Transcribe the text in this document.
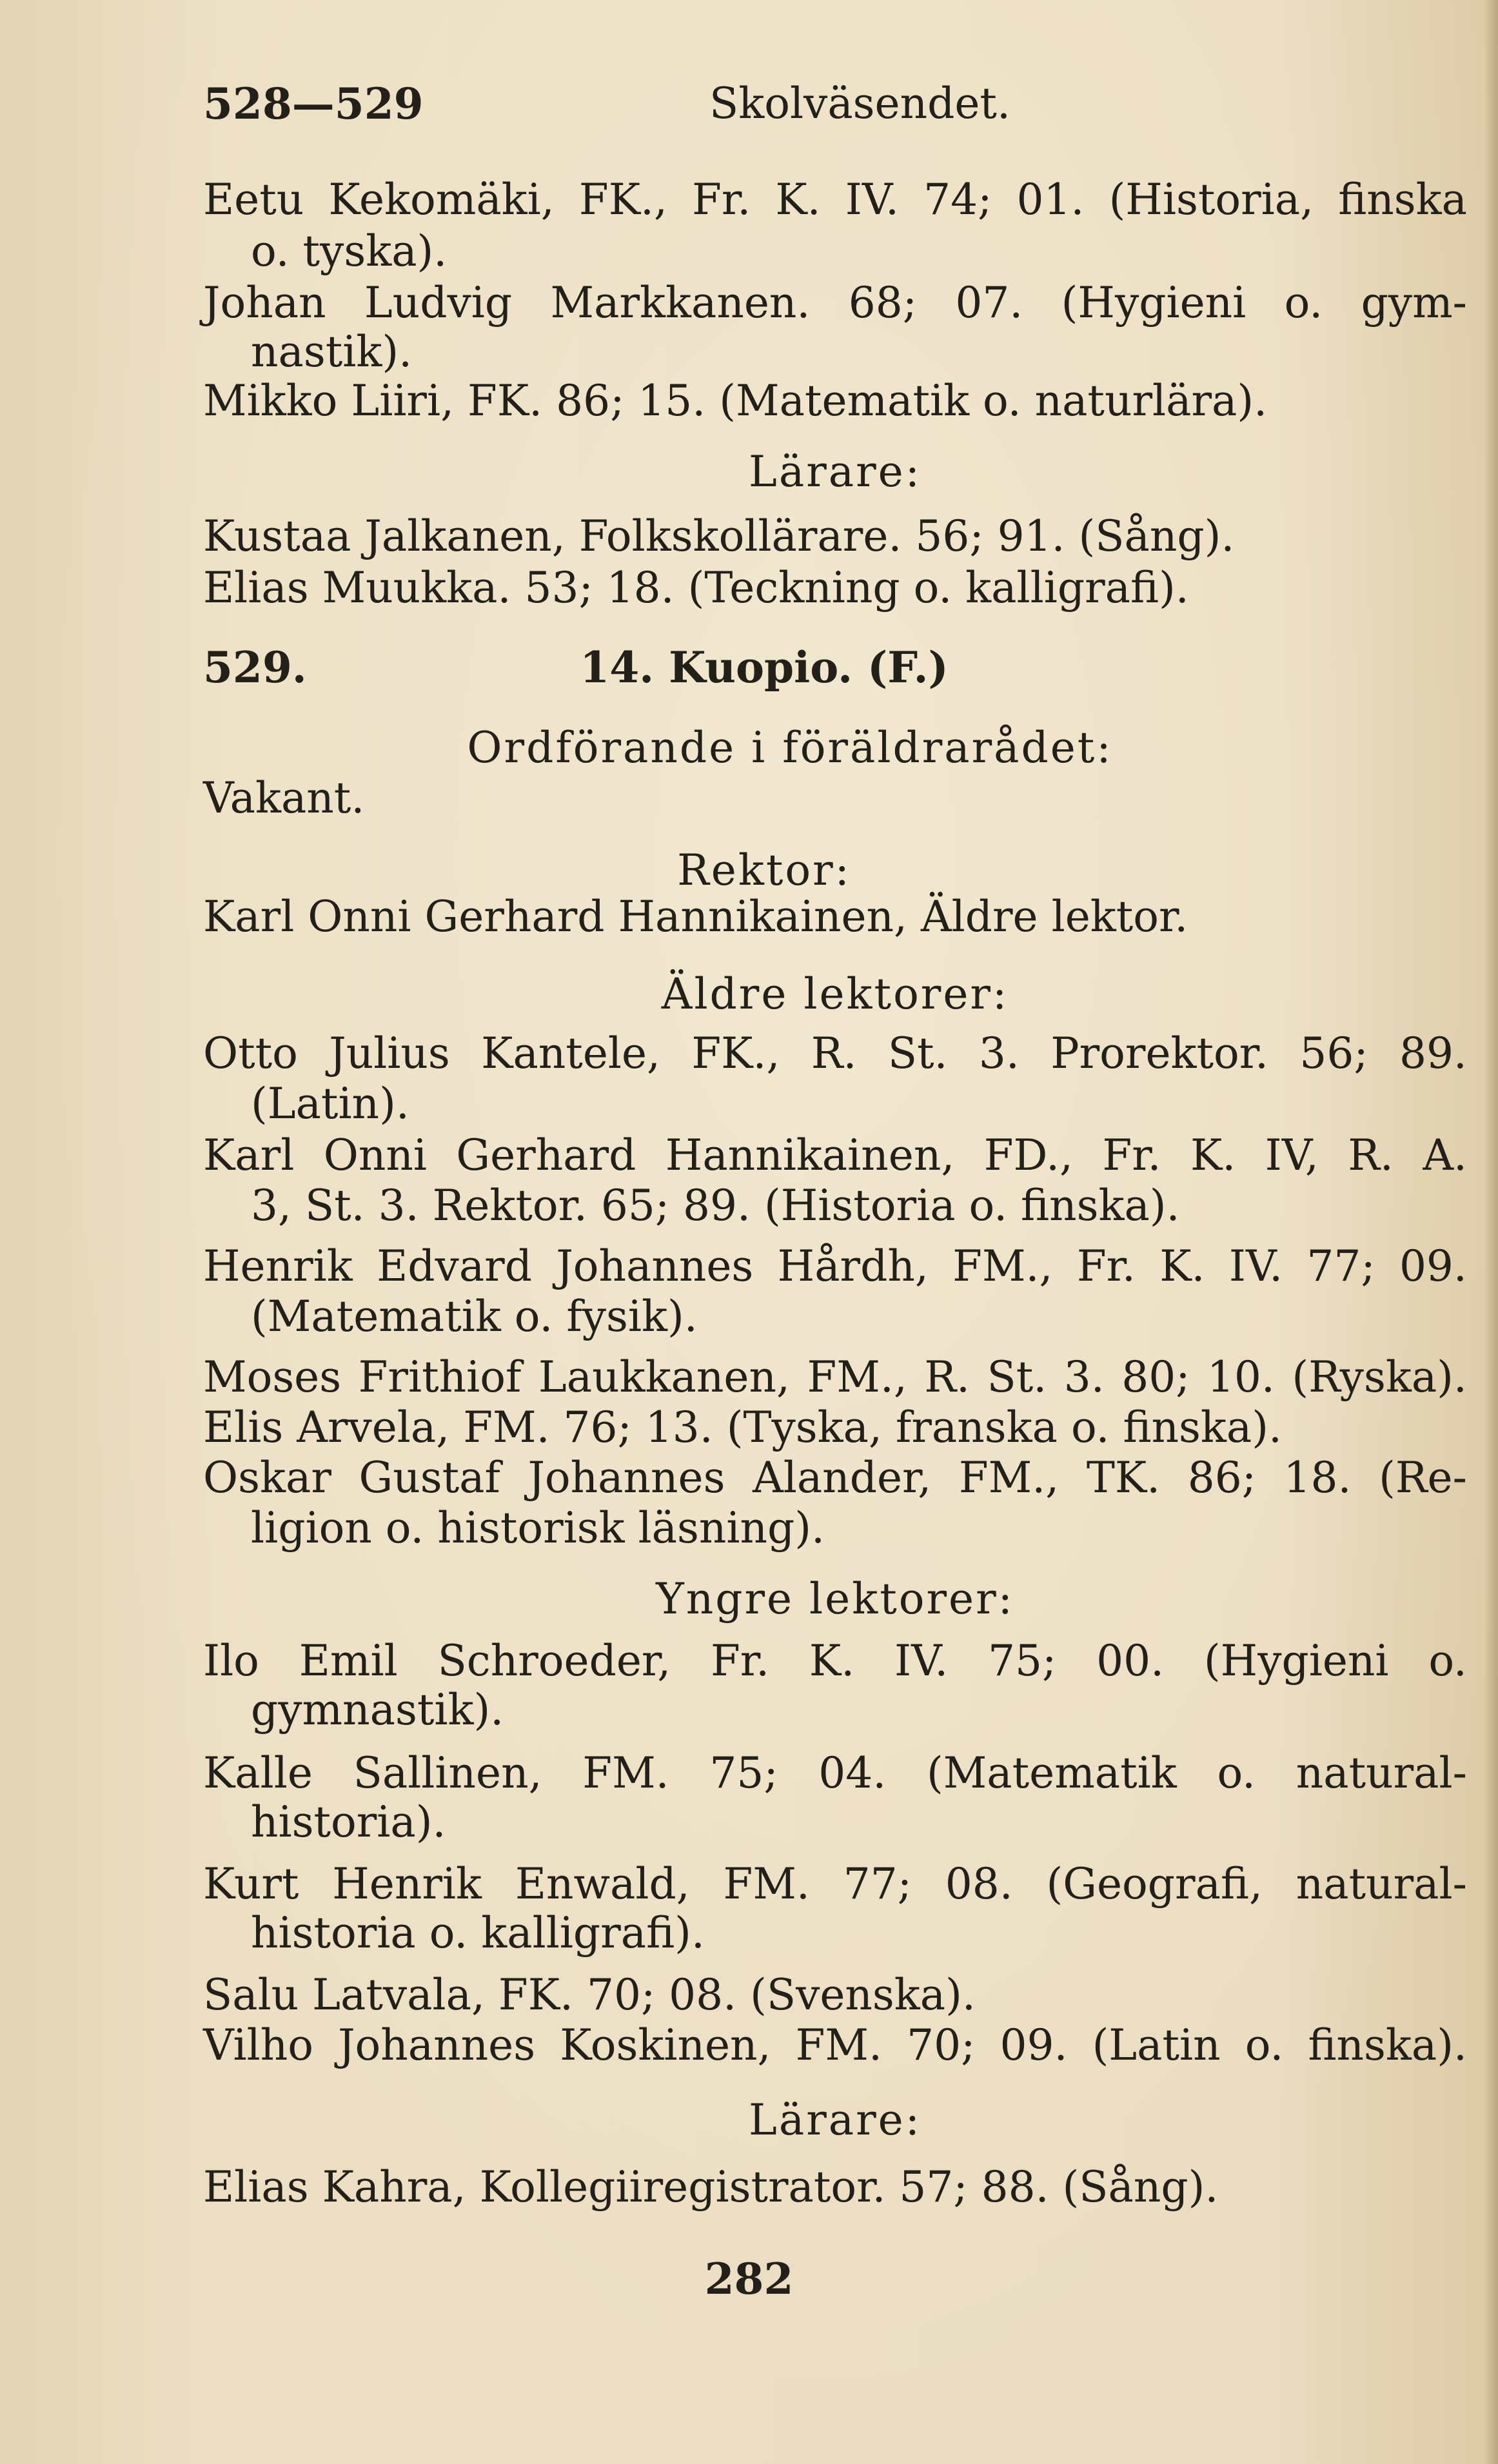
528—529	Skolväsendet.
Eetu Kekomäki, FK., Fr. K. IV. 74; 01. (Historia, finska
o. tyska).
Johan Ludvig Markkanen. 68; 07. (Hygieni o. gym-
nastik).
Mikko Liiri, FK. 86; 15. (Matematik o. naturlära).
Lärare:
Kustaa Jalkanen, Folkskollärare. 56; 91. (Sång).
Elias Muukka. 53; 18. (Teckning o. kalligrafi).
529.	14. Kuopio. (F.)
Ordförande i föräldrarådet:
Vakant.
Rektor:
Karl Onni Gerhard Hannikainen, Äldre lektor.
Äldre lektorer:
Otto Julius Kantele, FK., R. St. 3. Prorektor. 56; 89.
(Latin).
Karl Onni Gerhard Hannikainen, FD., Fr. K. IV, R. A.
3, St. 3. Rektor. 65; 89. (Historia o. finska).
Henrik Edvard Johannes Hårdh, FM., Fr. K. IV. 77; 09.
(Matematik o. fysik).
Moses Frithiof Laukkanen, FM., R. St. 3. 80; 10. (Ryska).
Elis Arvela, FM. 76; 13. (Tyska, franska o. finska).
Oskar Gustaf Johannes Alander, FM., TK. 86; 18. (Re-
ligion o. historisk läsning).
Yngre lektorer:
Ilo Emil Schroeder, Fr. K. IV. 75; 00. (Hygieni o.
gymnastik).
Kalle Sallinen, FM. 75; 04. (Matematik o. natural-
historia).
Kurt Henrik Enwald, FM. 77; 08. (Geografi, natural-
historia o. kalligrafi).
Salu Latvala, FK. 70; 08. (Svenska).
Vilho Johannes Koskinen, FM. 70; 09. (Latin o. finska).
Lärare:
Elias Kahra, Kollegiiregistrator. 57; 88. (Sång).
282
